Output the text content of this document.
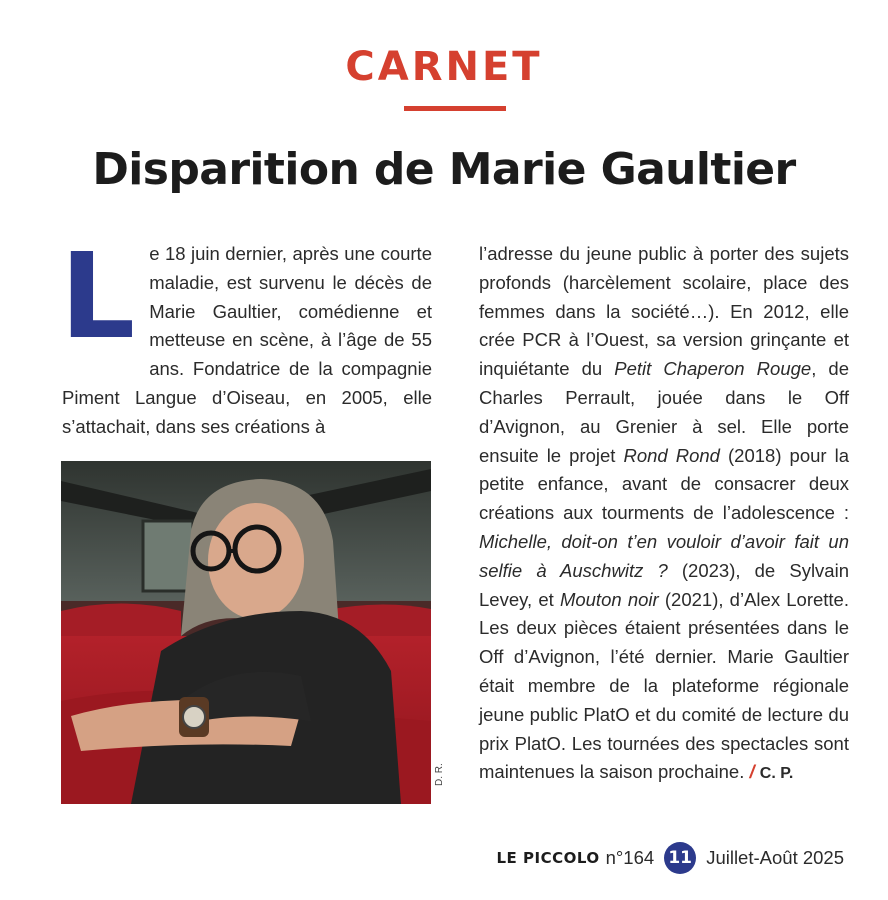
CARNET
Disparition de Marie Gaultier
Le 18 juin dernier, après une courte maladie, est survenu le décès de Marie Gaultier, comédienne et metteuse en scène, à l’âge de 55 ans. Fondatrice de la compagnie Piment Langue d’Oiseau, en 2005, elle s’attachait, dans ses créations à
D. R.
l’adresse du jeune public à porter des sujets profonds (harcèlement scolaire, place des femmes dans la société…). En 2012, elle crée PCR à l’Ouest, sa version grinçante et inquiétante du Petit Chaperon Rouge, de Charles Perrault, jouée dans le Off d’Avignon, au Grenier à sel. Elle porte ensuite le projet Rond Rond (2018) pour la petite enfance, avant de consacrer deux créations aux tourments de l’adolescence : Michelle, doit-on t’en vouloir d’avoir fait un selfie à Auschwitz ? (2023), de Sylvain Levey, et Mouton noir (2021), d’Alex Lorette. Les deux pièces étaient présentées dans le Off d’Avignon, l’été dernier. Marie Gaultier était membre de la plateforme régionale jeune public PlatO et du comité de lecture du prix PlatO. Les tournées des spectacles sont maintenues la saison prochaine. / C. P.
LE PICCOLO n°164 11 Juillet-Août 2025
